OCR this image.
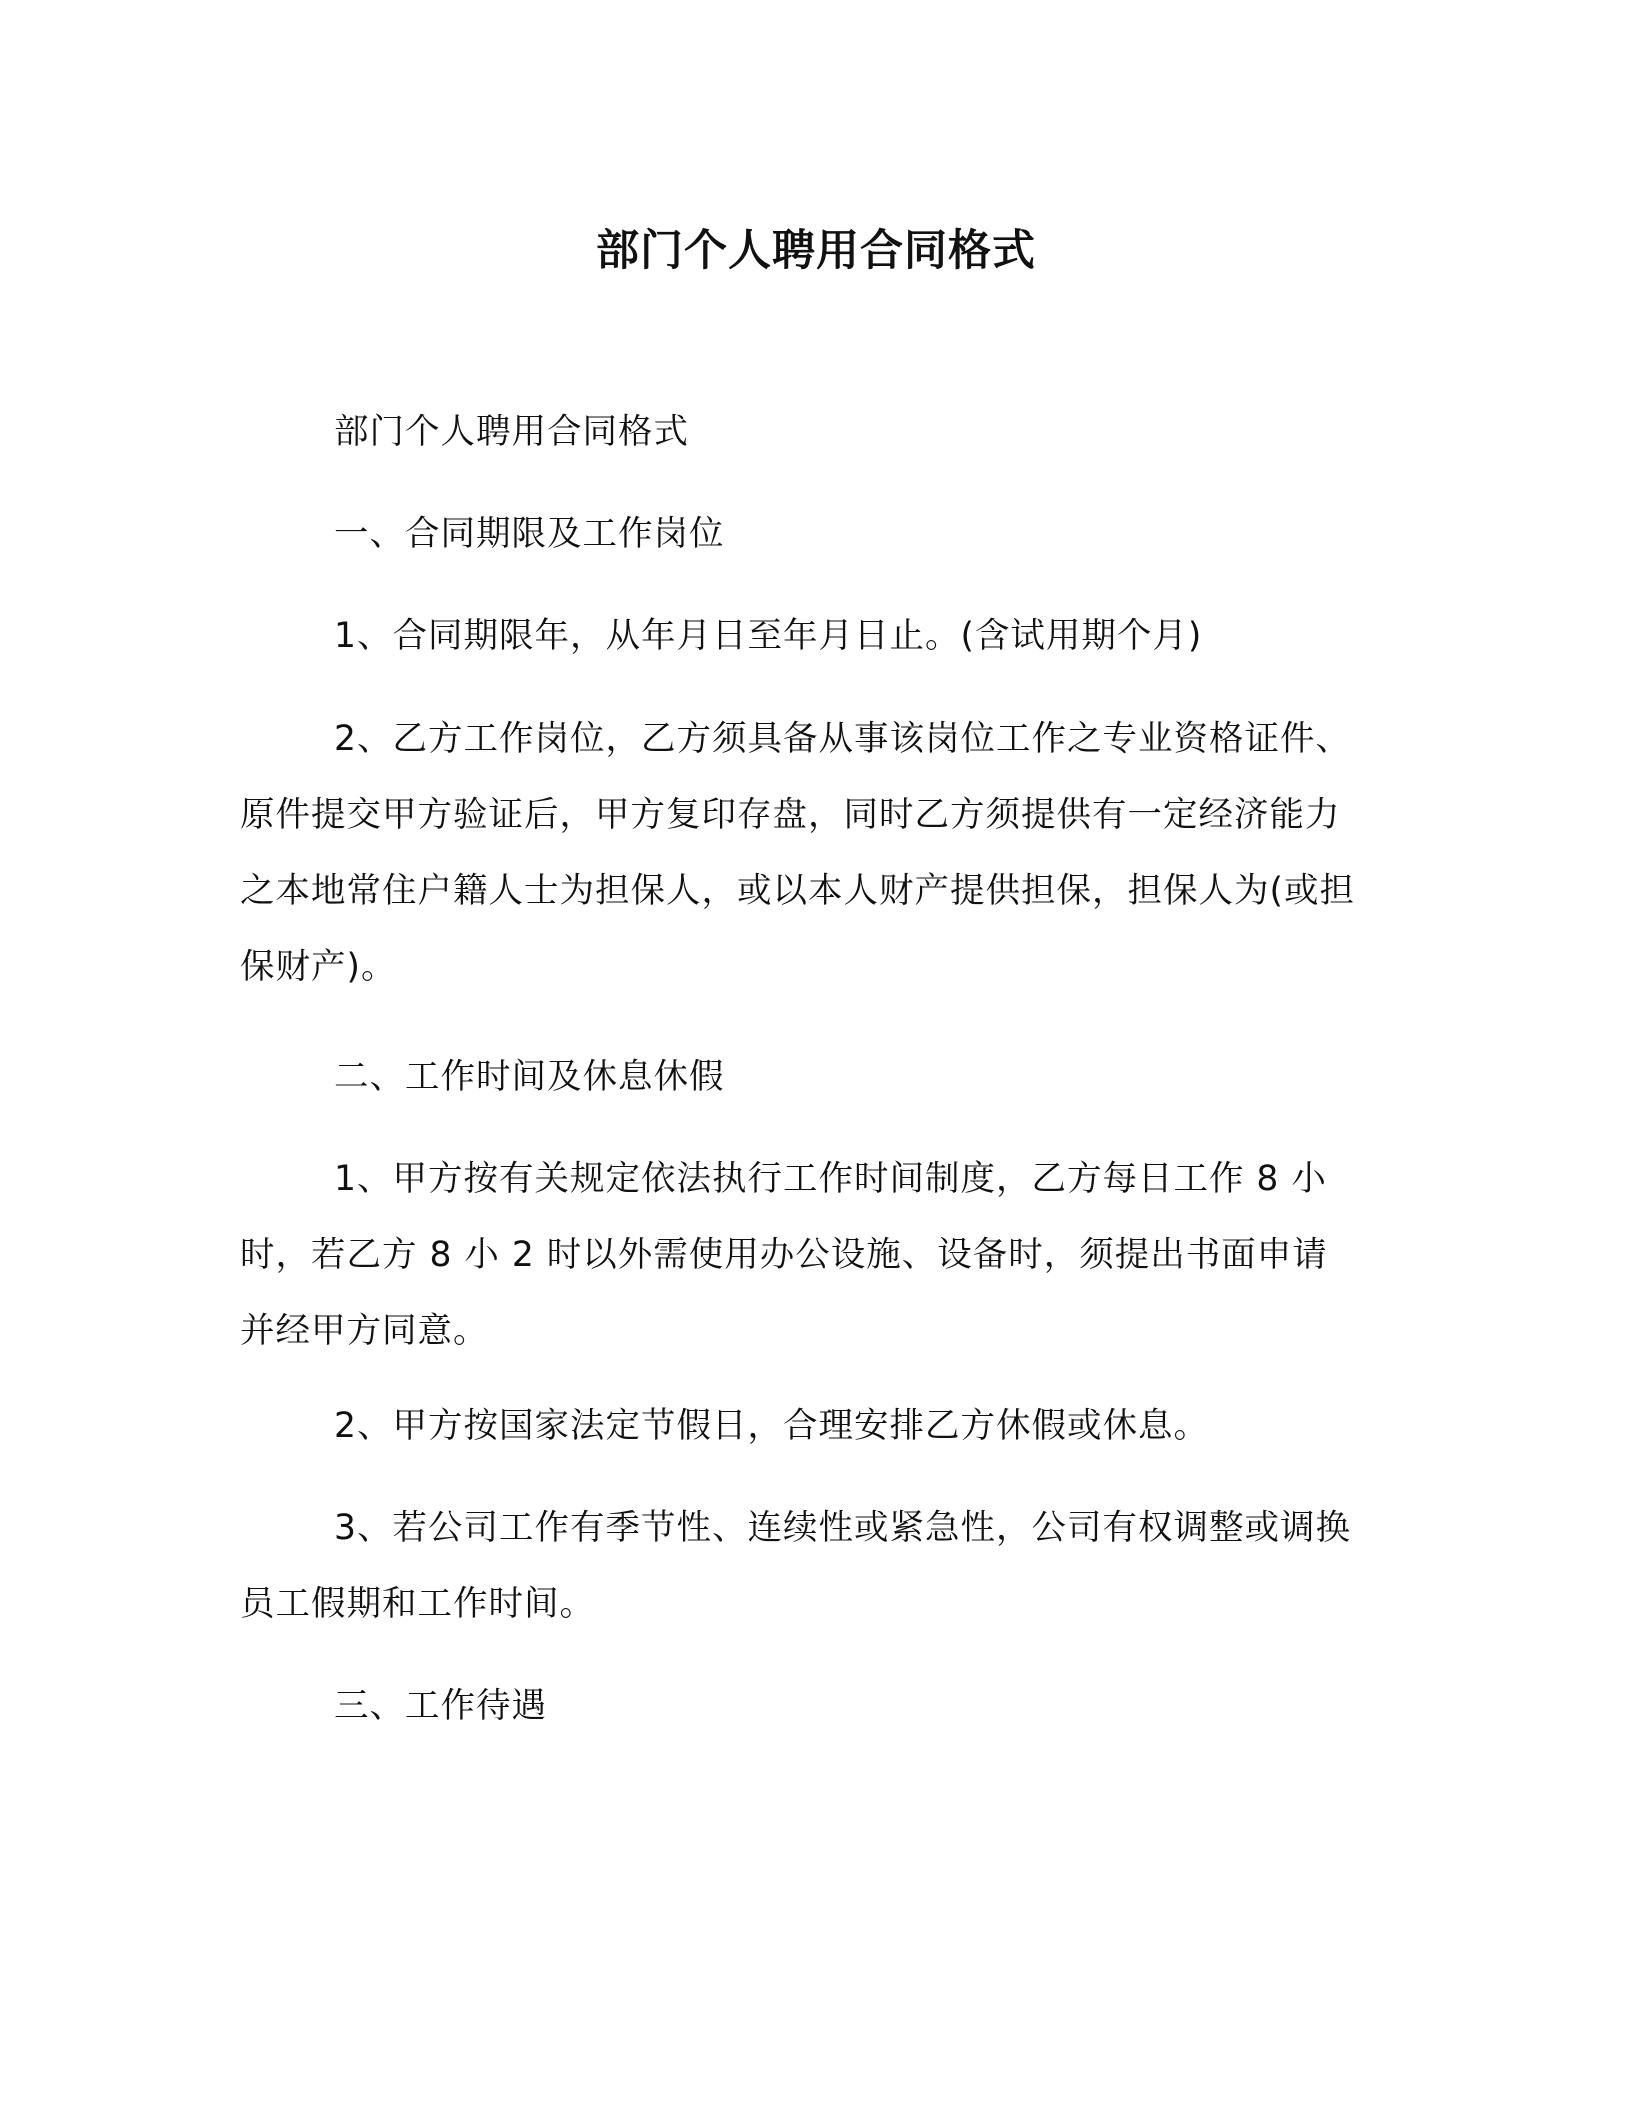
部门个人聘用合同格式

部门个人聘用合同格式

一、合同期限及工作岗位

1、合同期限年，从年月日至年月日止。(含试用期个月)

2、乙方工作岗位，乙方须具备从事该岗位工作之专业资格证件、原件提交甲方验证后，甲方复印存盘，同时乙方须提供有一定经济能力之本地常住户籍人士为担保人，或以本人财产提供担保，担保人为(或担保财产)。

二、工作时间及休息休假

1、甲方按有关规定依法执行工作时间制度，乙方每日工作 8 小时，若乙方 8 小 2 时以外需使用办公设施、设备时，须提出书面申请并经甲方同意。

2、甲方按国家法定节假日，合理安排乙方休假或休息。

3、若公司工作有季节性、连续性或紧急性，公司有权调整或调换员工假期和工作时间。

三、工作待遇
